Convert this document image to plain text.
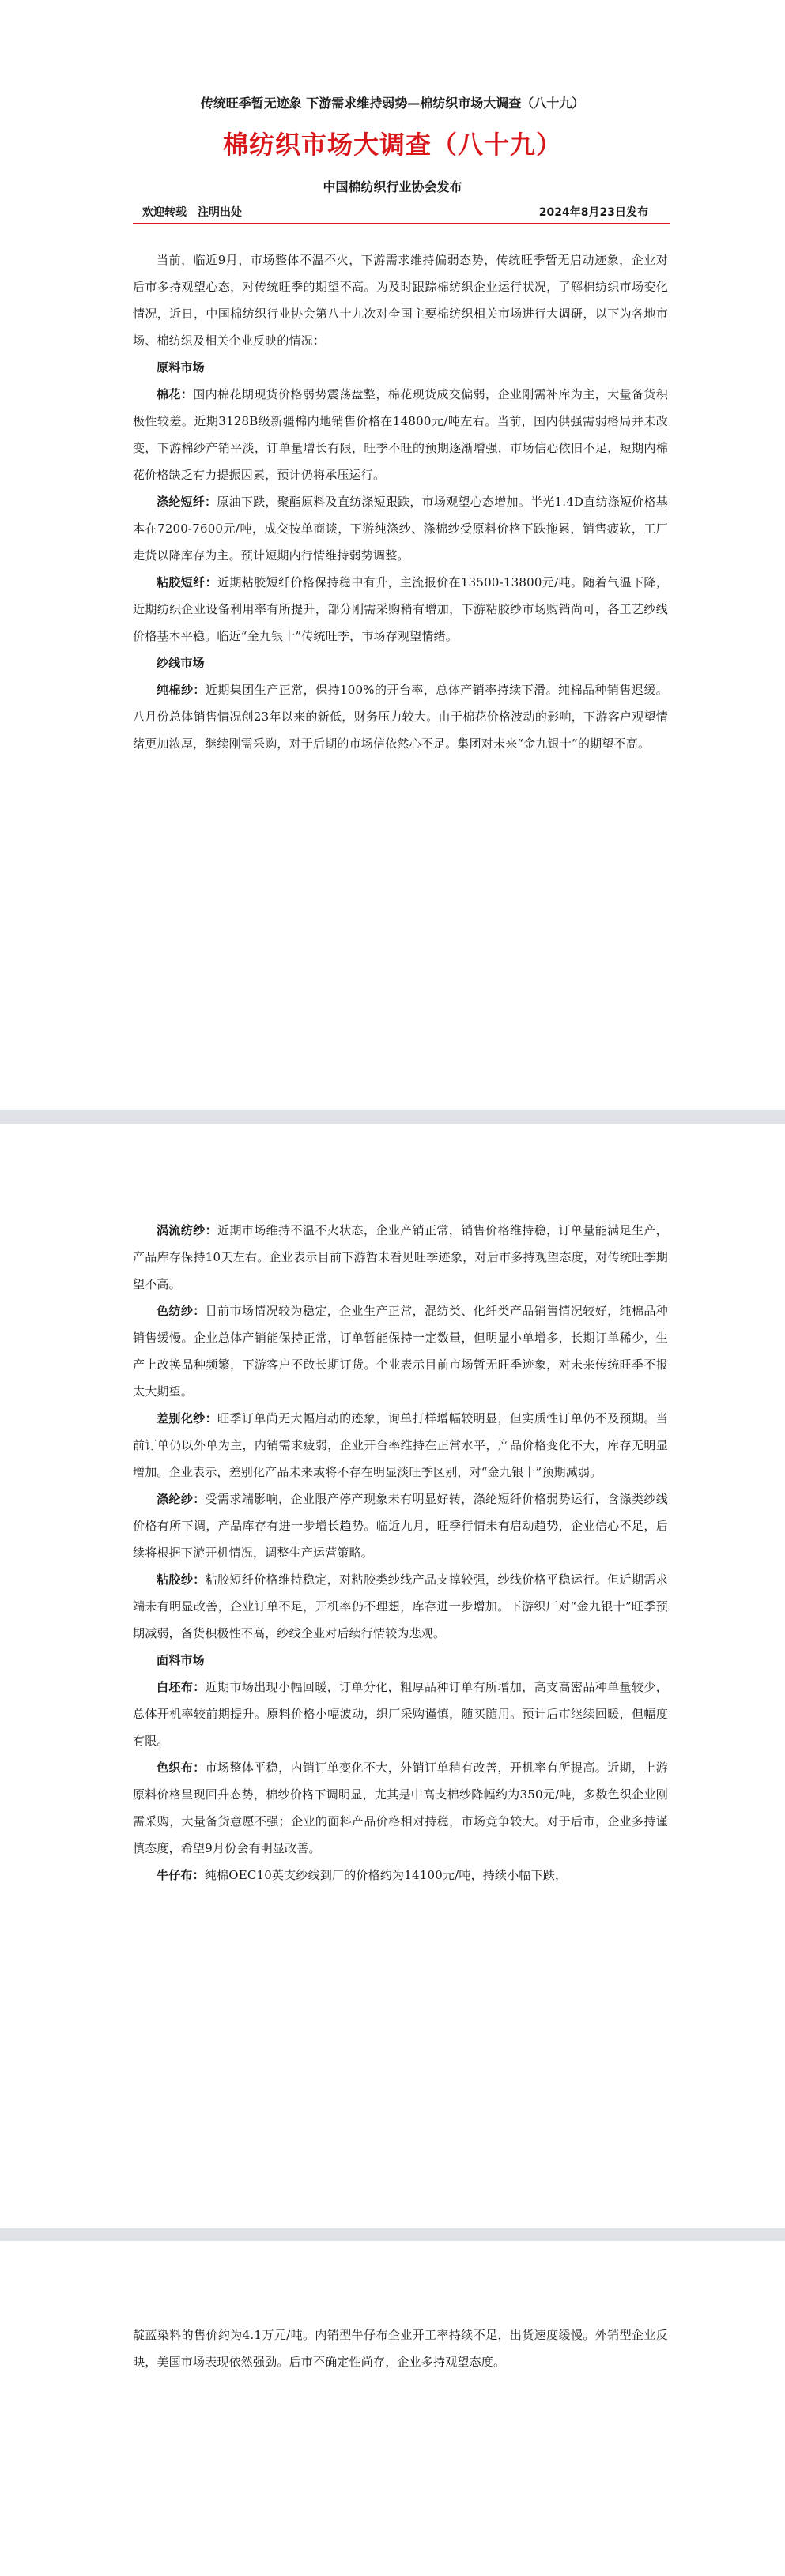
传统旺季暂无迹象 下游需求维持弱势—棉纺织市场大调查（八十九）
棉纺织市场大调查（八十九）
中国棉纺织行业协会发布
欢迎转载　注明出处	2024年8月23日发布

当前，临近9月，市场整体不温不火，下游需求维持偏弱态势，传统旺季暂无启动迹象，企业对后市多持观望心态，对传统旺季的期望不高。为及时跟踪棉纺织企业运行状况，了解棉纺织市场变化情况，近日，中国棉纺织行业协会第八十九次对全国主要棉纺织相关市场进行大调研，以下为各地市场、棉纺织及相关企业反映的情况：

原料市场

棉花：国内棉花期现货价格弱势震荡盘整，棉花现货成交偏弱，企业刚需补库为主，大量备货积极性较差。近期3128B级新疆棉内地销售价格在14800元/吨左右。当前，国内供强需弱格局并未改变，下游棉纱产销平淡，订单量增长有限，旺季不旺的预期逐渐增强，市场信心依旧不足，短期内棉花价格缺乏有力提振因素，预计仍将承压运行。

涤纶短纤：原油下跌，聚酯原料及直纺涤短跟跌，市场观望心态增加。半光1.4D直纺涤短价格基本在7200-7600元/吨，成交按单商谈，下游纯涤纱、涤棉纱受原料价格下跌拖累，销售疲软，工厂走货以降库存为主。预计短期内行情维持弱势调整。

粘胶短纤：近期粘胶短纤价格保持稳中有升，主流报价在13500-13800元/吨。随着气温下降，近期纺织企业设备利用率有所提升，部分刚需采购稍有增加，下游粘胶纱市场购销尚可，各工艺纱线价格基本平稳。临近“金九银十”传统旺季，市场存观望情绪。

纱线市场

纯棉纱：近期集团生产正常，保持100%的开台率，总体产销率持续下滑。纯棉品种销售迟缓。八月份总体销售情况创23年以来的新低，财务压力较大。由于棉花价格波动的影响，下游客户观望情绪更加浓厚，继续刚需采购，对于后期的市场信依然心不足。集团对未来“金九银十”的期望不高。

涡流纺纱：近期市场维持不温不火状态，企业产销正常，销售价格维持稳，订单量能满足生产，产品库存保持10天左右。企业表示目前下游暂未看见旺季迹象，对后市多持观望态度，对传统旺季期望不高。

色纺纱：目前市场情况较为稳定，企业生产正常，混纺类、化纤类产品销售情况较好，纯棉品种销售缓慢。企业总体产销能保持正常，订单暂能保持一定数量，但明显小单增多，长期订单稀少，生产上改换品种频繁，下游客户不敢长期订货。企业表示目前市场暂无旺季迹象，对未来传统旺季不报太大期望。

差别化纱：旺季订单尚无大幅启动的迹象，询单打样增幅较明显，但实质性订单仍不及预期。当前订单仍以外单为主，内销需求疲弱，企业开台率维持在正常水平，产品价格变化不大，库存无明显增加。企业表示，差别化产品未来或将不存在明显淡旺季区别，对“金九银十”预期减弱。

涤纶纱：受需求端影响，企业限产停产现象未有明显好转，涤纶短纤价格弱势运行，含涤类纱线价格有所下调，产品库存有进一步增长趋势。临近九月，旺季行情未有启动趋势，企业信心不足，后续将根据下游开机情况，调整生产运营策略。

粘胶纱：粘胶短纤价格维持稳定，对粘胶类纱线产品支撑较强，纱线价格平稳运行。但近期需求端未有明显改善，企业订单不足，开机率仍不理想，库存进一步增加。下游织厂对“金九银十”旺季预期减弱，备货积极性不高，纱线企业对后续行情较为悲观。

面料市场

白坯布：近期市场出现小幅回暖，订单分化，粗厚品种订单有所增加，高支高密品种单量较少，总体开机率较前期提升。原料价格小幅波动，织厂采购谨慎，随买随用。预计后市继续回暖，但幅度有限。

色织布：市场整体平稳，内销订单变化不大，外销订单稍有改善，开机率有所提高。近期，上游原料价格呈现回升态势，棉纱价格下调明显，尤其是中高支棉纱降幅约为350元/吨，多数色织企业刚需采购，大量备货意愿不强；企业的面料产品价格相对持稳，市场竞争较大。对于后市，企业多持谨慎态度，希望9月份会有明显改善。

牛仔布：纯棉OEC10英支纱线到厂的价格约为14100元/吨，持续小幅下跌，

靛蓝染料的售价约为4.1万元/吨。内销型牛仔布企业开工率持续不足，出货速度缓慢。外销型企业反映，美国市场表现依然强劲。后市不确定性尚存，企业多持观望态度。
